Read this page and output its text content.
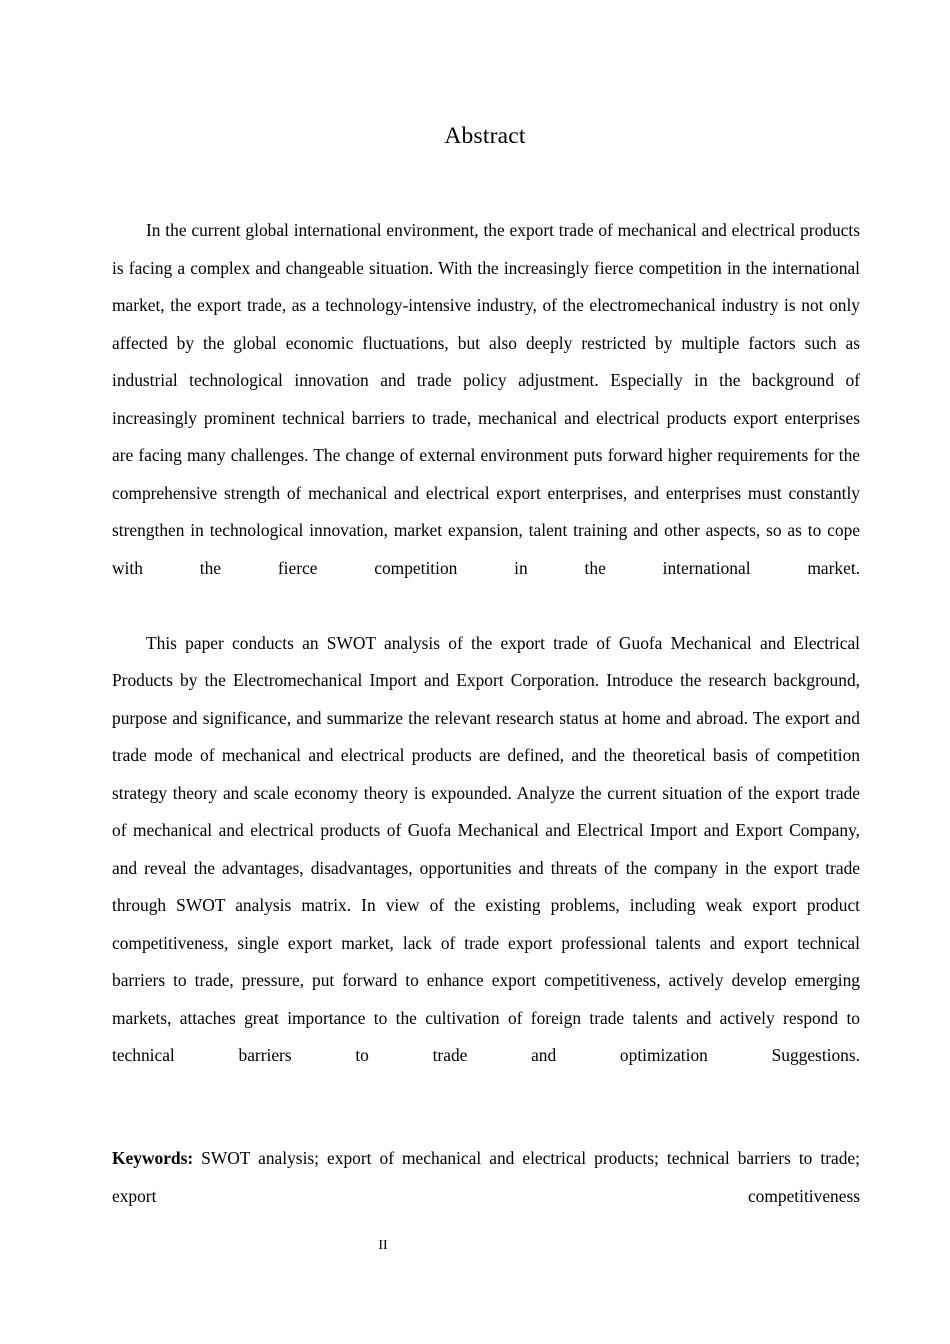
Abstract

In the current global international environment, the export trade of mechanical and electrical products is facing a complex and changeable situation. With the increasingly fierce competition in the international market, the export trade, as a technology-intensive industry, of the electromechanical industry is not only affected by the global economic fluctuations, but also deeply restricted by multiple factors such as industrial technological innovation and trade policy adjustment. Especially in the background of increasingly prominent technical barriers to trade, mechanical and electrical products export enterprises are facing many challenges. The change of external environment puts forward higher requirements for the comprehensive strength of mechanical and electrical export enterprises, and enterprises must constantly strengthen in technological innovation, market expansion, talent training and other aspects, so as to cope with the fierce competition in the international market.

This paper conducts an SWOT analysis of the export trade of Guofa Mechanical and Electrical Products by the Electromechanical Import and Export Corporation. Introduce the research background, purpose and significance, and summarize the relevant research status at home and abroad. The export and trade mode of mechanical and electrical products are defined, and the theoretical basis of competition strategy theory and scale economy theory is expounded. Analyze the current situation of the export trade of mechanical and electrical products of Guofa Mechanical and Electrical Import and Export Company, and reveal the advantages, disadvantages, opportunities and threats of the company in the export trade through SWOT analysis matrix. In view of the existing problems, including weak export product competitiveness, single export market, lack of trade export professional talents and export technical barriers to trade, pressure, put forward to enhance export competitiveness, actively develop emerging markets, attaches great importance to the cultivation of foreign trade talents and actively respond to technical barriers to trade and optimization Suggestions.

Keywords: SWOT analysis; export of mechanical and electrical products; technical barriers to trade; export competitiveness

II
